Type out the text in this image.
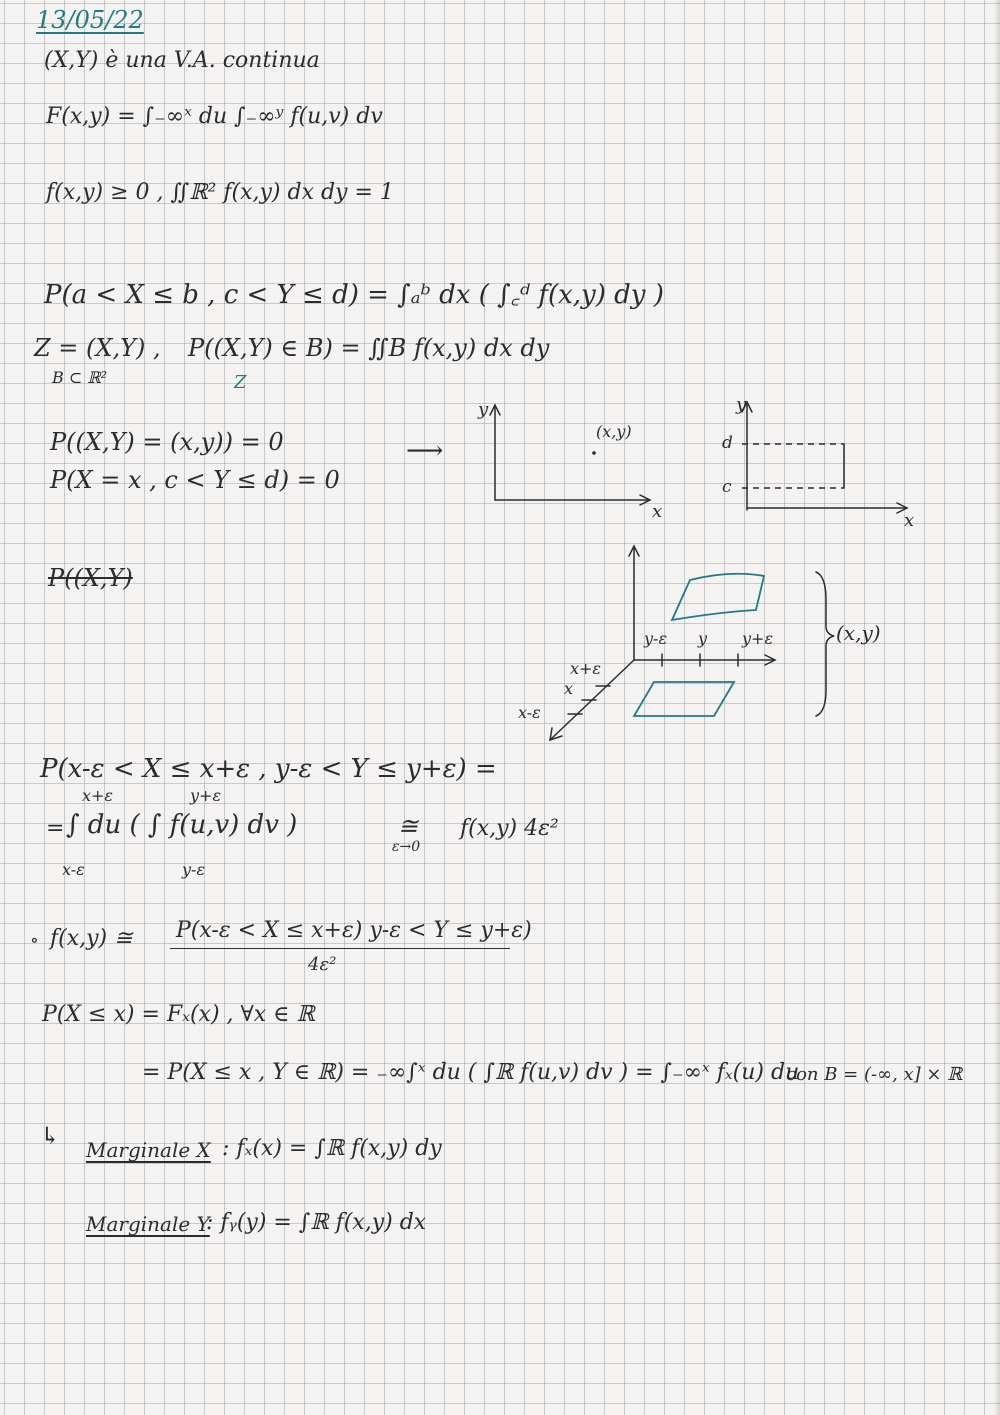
13/05/22
(X,Y) è una V.A. continua
F(x,y) = ∫₋∞ˣ du ∫₋∞ʸ f(u,v) dv
f(x,y) ≥ 0 , ∬ℝ² f(x,y) dx dy = 1
P(a < X ≤ b , c < Y ≤ d) = ∫ₐᵇ dx ( ∫꜀ᵈ f(x,y) dy )
Z = (X,Y) , P((X,Y) ∈ B) = ∬B f(x,y) dx dy
Z
B ⊂ ℝ²
P((X,Y) = (x,y)) = 0
P(X = x , c < Y ≤ d) = 0
⟶
P((X,Y)
(x,y)
y
x
d
c
y
x
x+ε
x
x-ε
y-ε y y+ε	(x,y)
P(x-ε < X ≤ x+ε , y-ε < Y ≤ y+ε) =
= ∫ du ( ∫ f(u,v) dv )
x+ε
x-ε
y+ε
y-ε
≅
ε→0
f(x,y) 4ε²
∘ f(x,y) ≅ P(x-ε < X ≤ x+ε) y-ε < Y ≤ y+ε)
4ε²
P(X ≤ x) = Fₓ(x) , ∀x ∈ ℝ
= P(X ≤ x , Y ∈ ℝ) = ₋∞∫ˣ du ( ∫ℝ f(u,v) dv ) = ∫₋∞ˣ fₓ(u) du
con B = (-∞, x] × ℝ
↳ Marginale X : fₓ(x) = ∫ℝ f(x,y) dy
Marginale Y
: fᵧ(y) = ∫ℝ f(x,y) dx
